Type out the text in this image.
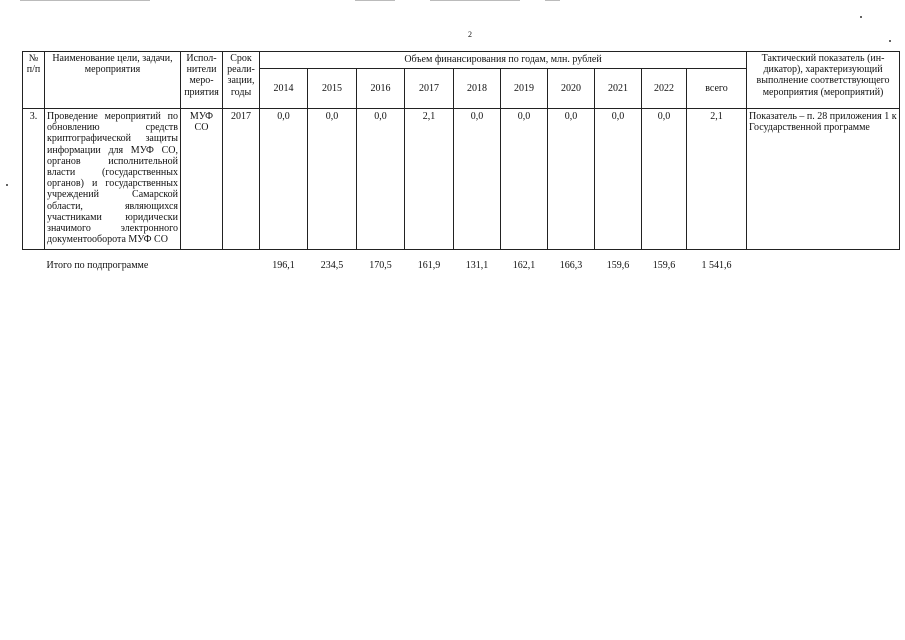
2
№ п/п	Наименование цели, задачи, мероприятия	Испол-нители меро-приятия	Срок реали-зации, годы	Объем финансирования по годам, млн. рублей										Тактический показатель (ин-дикатор), характеризующий выполнение соответствующего мероприятия (мероприятий)
				2014	2015	2016	2017	2018	2019	2020	2021	2022	всего	
3.	Проведение мероприятий по обновлению средств криптографической защиты информации для МУФ СО, органов исполнительной власти (государственных органов) и государственных учреждений Самарской области, являющихся участниками юридически значимого электронного документооборота МУФ СО	МУФ СО	2017	0,0	0,0	0,0	2,1	0,0	0,0	0,0	0,0	0,0	2,1	Показатель – п. 28 приложения 1 к Государственной программе
	Итого по подпрограмме			196,1	234,5	170,5	161,9	131,1	162,1	166,3	159,6	159,6	1 541,6	
